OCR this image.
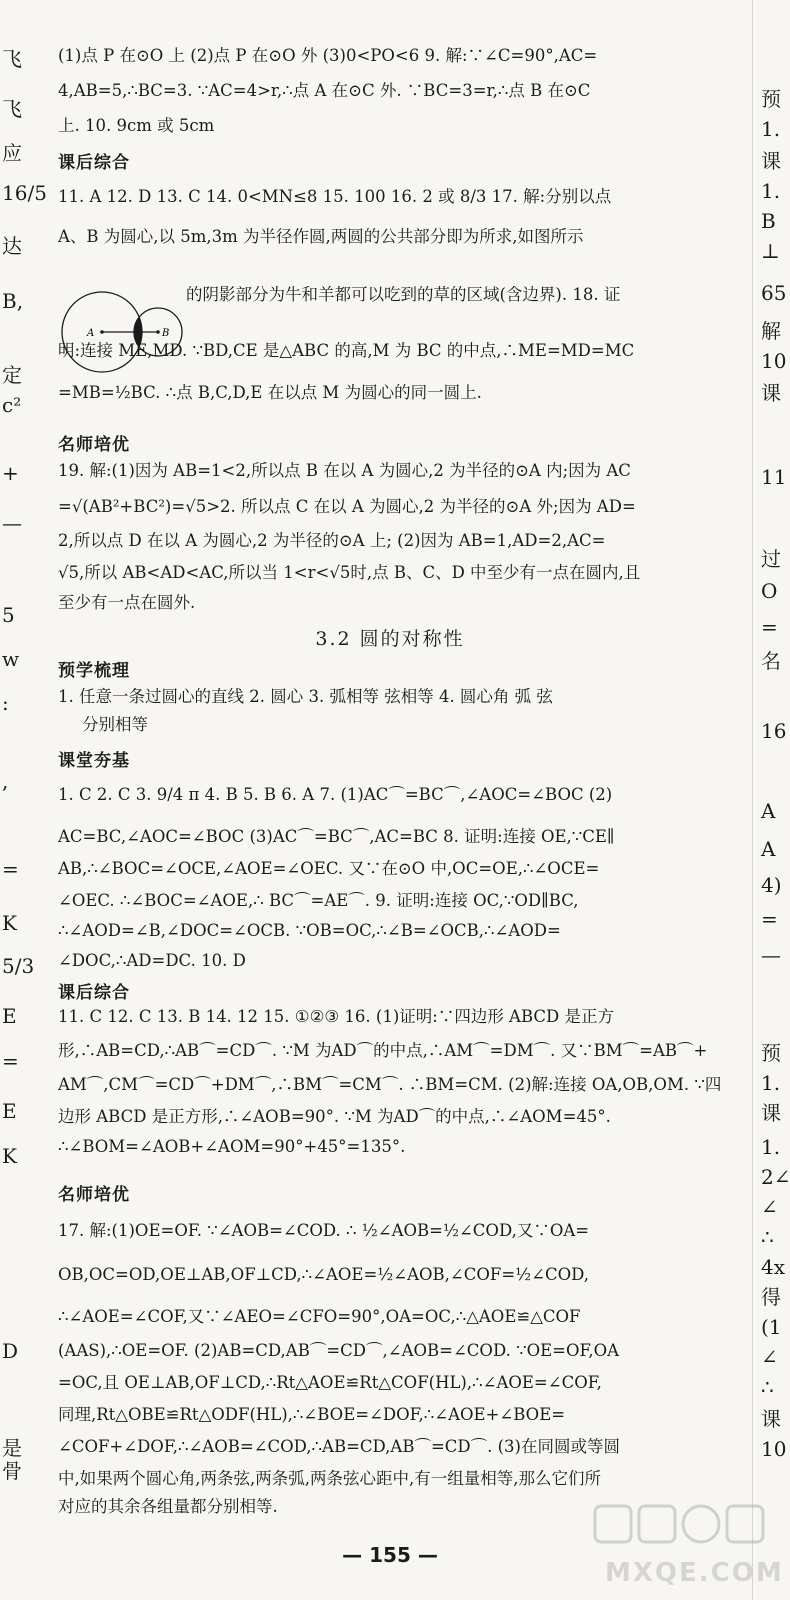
飞
飞
应
16/5
达
B,
定
c²
+
—
5
w
:
,
=
K
5/3
E
=
E
K
D
是
骨
(1)点 P 在⊙O 上 (2)点 P 在⊙O 外 (3)0<PO<6 9. 解:∵∠C=90°,AC=
4,AB=5,∴BC=3. ∵AC=4>r,∴点 A 在⊙C 外. ∵BC=3=r,∴点 B 在⊙C
上. 10. 9cm 或 5cm
课后综合
11. A 12. D 13. C 14. 0<MN≤8 15. 100 16. 2 或 8/3 17. 解:分别以点
A、B 为圆心,以 5m,3m 为半径作圆,两圆的公共部分即为所求,如图所示
A	B
的阴影部分为牛和羊都可以吃到的草的区域(含边界). 18. 证
明:连接 ME,MD. ∵BD,CE 是△ABC 的高,M 为 BC 的中点,∴ME=MD=MC
=MB=½BC. ∴点 B,C,D,E 在以点 M 为圆心的同一圆上.
名师培优
19. 解:(1)因为 AB=1<2,所以点 B 在以 A 为圆心,2 为半径的⊙A 内;因为 AC
=√(AB²+BC²)=√5>2. 所以点 C 在以 A 为圆心,2 为半径的⊙A 外;因为 AD=
2,所以点 D 在以 A 为圆心,2 为半径的⊙A 上; (2)因为 AB=1,AD=2,AC=
√5,所以 AB<AD<AC,所以当 1<r<√5时,点 B、C、D 中至少有一点在圆内,且
至少有一点在圆外.
3.2 圆的对称性
预学梳理
1. 任意一条过圆心的直线 2. 圆心 3. 弧相等 弦相等 4. 圆心角 弧 弦
分别相等
课堂夯基
1. C 2. C 3. 9/4 π 4. B 5. B 6. A 7. (1)AC⌒=BC⌒,∠AOC=∠BOC (2)
AC=BC,∠AOC=∠BOC (3)AC⌒=BC⌒,AC=BC 8. 证明:连接 OE,∵CE∥
AB,∴∠BOC=∠OCE,∠AOE=∠OEC. 又∵在⊙O 中,OC=OE,∴∠OCE=
∠OEC. ∴∠BOC=∠AOE,∴ BC⌒=AE⌒. 9. 证明:连接 OC,∵OD∥BC,
∴∠AOD=∠B,∠DOC=∠OCB. ∵OB=OC,∴∠B=∠OCB,∴∠AOD=
∠DOC,∴AD=DC. 10. D
课后综合
11. C 12. C 13. B 14. 12 15. ①②③ 16. (1)证明:∵四边形 ABCD 是正方
形,∴AB=CD,∴AB⌒=CD⌒. ∵M 为AD⌒的中点,∴AM⌒=DM⌒. 又∵BM⌒=AB⌒+
AM⌒,CM⌒=CD⌒+DM⌒,∴BM⌒=CM⌒. ∴BM=CM. (2)解:连接 OA,OB,OM. ∵四
边形 ABCD 是正方形,∴∠AOB=90°. ∵M 为AD⌒的中点,∴∠AOM=45°.
∴∠BOM=∠AOB+∠AOM=90°+45°=135°.
名师培优
17. 解:(1)OE=OF. ∵∠AOB=∠COD. ∴ ½∠AOB=½∠COD,又∵OA=
OB,OC=OD,OE⊥AB,OF⊥CD,∴∠AOE=½∠AOB,∠COF=½∠COD,
∴∠AOE=∠COF,又∵∠AEO=∠CFO=90°,OA=OC,∴△AOE≌△COF
(AAS),∴OE=OF. (2)AB=CD,AB⌒=CD⌒,∠AOB=∠COD. ∵OE=OF,OA
=OC,且 OE⊥AB,OF⊥CD,∴Rt△AOE≌Rt△COF(HL),∴∠AOE=∠COF,
同理,Rt△OBE≌Rt△ODF(HL),∴∠BOE=∠DOF,∴∠AOE+∠BOE=
∠COF+∠DOF,∴∠AOB=∠COD,∴AB=CD,AB⌒=CD⌒. (3)在同圆或等圆
中,如果两个圆心角,两条弦,两条弧,两条弦心距中,有一组量相等,那么它们所
对应的其余各组量都分别相等.
— 155 —
预
1.
课
1.
B
⊥
65
解
10
课
11
过
O
=
名
16
A
A
4)
=
—
预
1.
课
1.
2∠
∠
∴
4x
得
(1
∠
∴
课
10
MXQE.COM
